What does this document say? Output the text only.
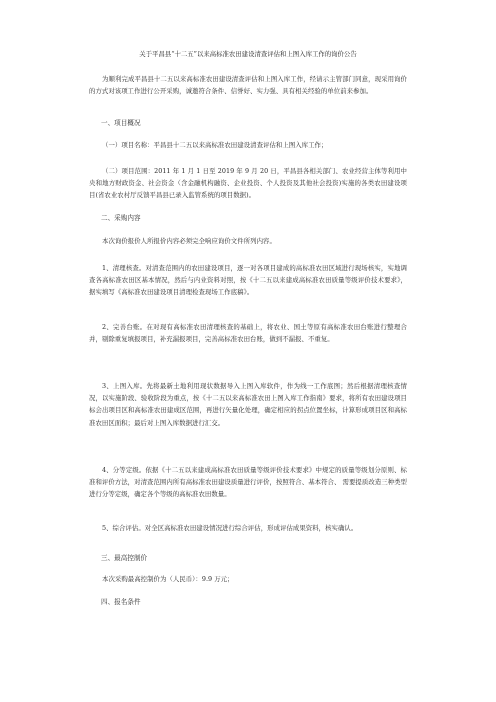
关于平昌县“十二五”以来高标准农田建设清查评估和上图入库工作的询价公告
为顺利完成平昌县十二五以来高标准农田建设清查评估和上图入库工作，经请示主管部门同意，现采用询价的方式对该项工作进行公开采购，诚邀符合条件、信誉好、实力强、具有相关经验的单位前来参加。
一、项目概况
（一）项目名称：平昌县十二五以来高标准农田建设清查评估和上图入库工作；
（二）项目范围：2011 年 1 月 1 日至 2019 年 9 月 20 日，平昌县各相关部门、农业经营主体等利用中央和地方财政资金、社会资金（含金融机构融资、企业投资、个人投资及其他社会投资)实施的各类农田建设项目(省农业农村厅反馈平昌县已录入监管系统的项目数据)。
二、采购内容
本次询价报价人所报价内容必须完全响应询价文件所列内容。
1、清理核查。对清查范围内的农田建设项目，逐一对各项目建成的高标准农田区域进行现场核实，实地调查各高标准农田区基本情况，然后与内业资料对照，按《十二五以来建成高标准农田质量等级评价技术要求》，据实填写《高标准农田建设项目清理检查现场工作底稿》。
2、完善台账。在对现有高标准农田清理核查的基础上，将农业、国土等原有高标准农田台账进行整理合并，剔除重复填报项目，补充漏报项目，完善高标准农田台账，做到不漏报、不重复。
3、上图入库。先将最新土地利用现状数据导入上图入库软件，作为线一工作底图；然后根据清理核查情况，以实施阶段、验收阶段为重点，按《十二五以来高标准农田上图入库工作指南》要求，将所有农田建设项目标会出项目区和高标准农田建成区范围，再进行矢量化处理，确定相应的拐点位置坐标，计算形成项目区和高标准农田区面积；最后对上图入库数据进行汇交。
4、分等定级。依据《十二五以来建成高标准农田质量等级评价技术要求》中规定的质量等级划分原则、标准和评价方法，对清查范围内所有高标准农田建设质量进行评价，按照符合、基本符合、 需要提质改造三种类型进行分等定级，确定各个等级的高标准农田数量。
5、综合评估。对全区高标准农田建设情况进行综合评估，形成评估成果资料，核实确认。
三、最高控制价
本次采购最高控制价为（人民币）：9.9 万元；
四、报名条件
